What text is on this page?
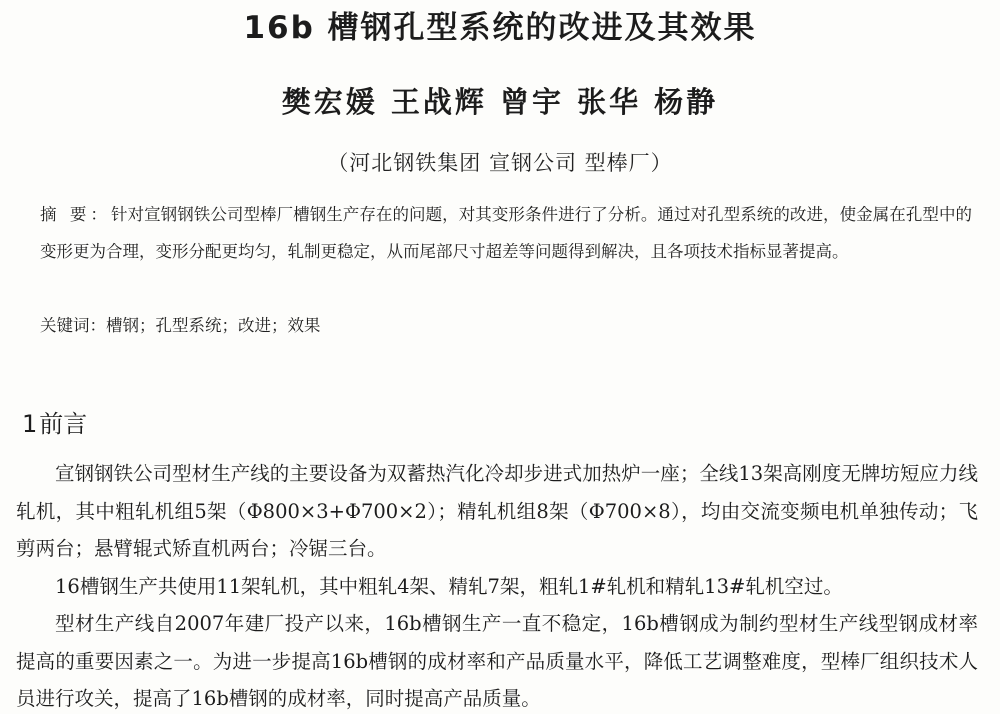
16b 槽钢孔型系统的改进及其效果
樊宏媛 王战辉 曾宇 张华 杨静
（河北钢铁集团 宣钢公司 型棒厂）
摘 要：针对宣钢钢铁公司型棒厂槽钢生产存在的问题，对其变形条件进行了分析。通过对孔型系统的改进，使金属在孔型中的变形更为合理，变形分配更均匀，轧制更稳定，从而尾部尺寸超差等问题得到解决，且各项技术指标显著提高。
关键词：槽钢；孔型系统；改进；效果
1前言

宣钢钢铁公司型材生产线的主要设备为双蓄热汽化冷却步进式加热炉一座；全线13架高刚度无牌坊短应力线轧机，其中粗轧机组5架（Φ800×3+Φ700×2）；精轧机组8架（Φ700×8），均由交流变频电机单独传动；飞剪两台；悬臂辊式矫直机两台；冷锯三台。

16槽钢生产共使用11架轧机，其中粗轧4架、精轧7架，粗轧1#轧机和精轧13#轧机空过。

型材生产线自2007年建厂投产以来，16b槽钢生产一直不稳定，16b槽钢成为制约型材生产线型钢成材率提高的重要因素之一。为进一步提高16b槽钢的成材率和产品质量水平，降低工艺调整难度，型棒厂组织技术人员进行攻关，提高了16b槽钢的成材率，同时提高产品质量。
